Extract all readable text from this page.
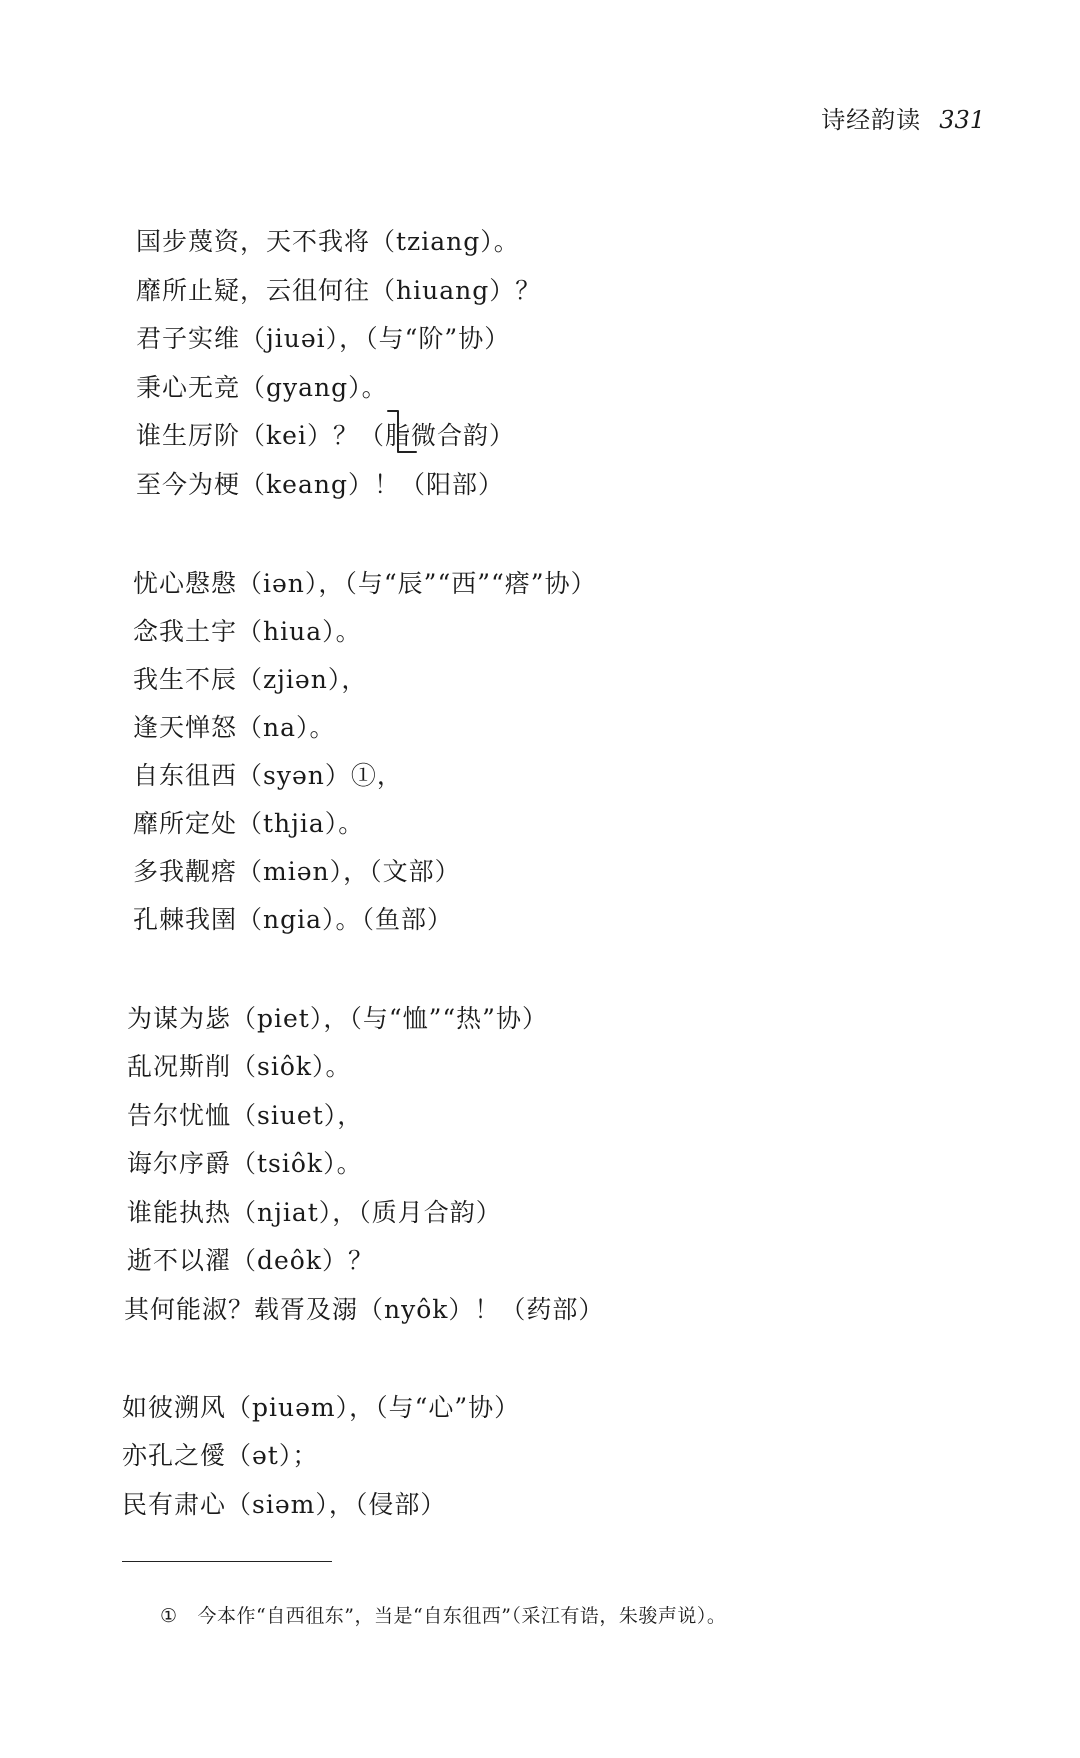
诗经韵读 331
国步蔑资，天不我将（tziang）。
靡所止疑，云徂何往（hiuang）？
君子实维（jiuəi），（与“阶”协）
秉心无竞（gyang）。
谁生厉阶（kei）？（脂微合韵）
至今为梗（keang）！（阳部）
忧心慇慇（iən），（与“辰”“西”“瘩”协）
念我土宇（hiua）。
我生不辰（zjiən），
逢天惮怒（na）。
自东徂西（syən）①，
靡所定处（thjia）。
多我觏瘩（miən），（文部）
孔棘我圉（ngia）。（鱼部）
为谋为毖（piet），（与“恤”“热”协）
乱况斯削（siôk）。
告尔忧恤（siuet），
诲尔序爵（tsiôk）。
谁能执热（njiat），（质月合韵）
逝不以濯（deôk）？
其何能淑？载胥及溺（nyôk）！（药部）
如彼溯风（piuəm），（与“心”协）
亦孔之僾（ət）；
民有肃心（siəm），（侵部）
① 今本作“自西徂东”，当是“自东徂西”（采江有诰，朱骏声说）。
